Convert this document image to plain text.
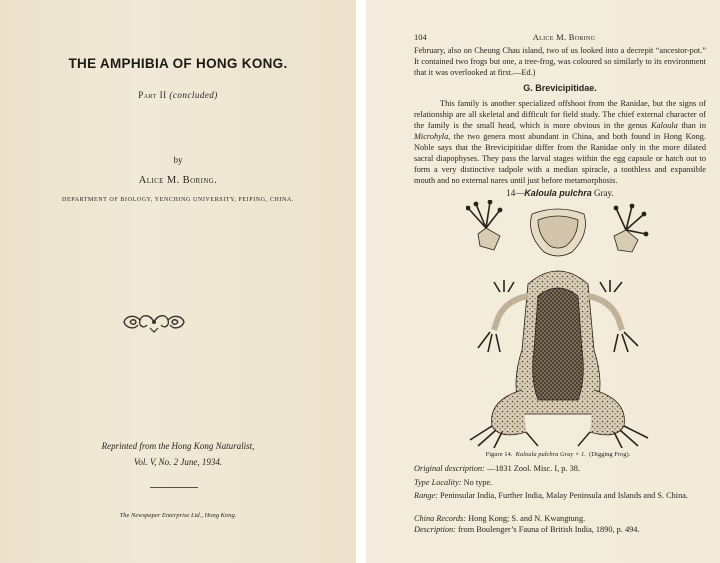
THE AMPHIBIA OF HONG KONG.
Part II (concluded)
by
Alice M. Boring.
DEPARTMENT OF BIOLOGY, YENCHING UNIVERSITY, PEIPING, CHINA.
Reprinted from the Hong Kong Naturalist,
Vol. V, No. 2 June, 1934.
The Newspaper Enterprise Ltd., Hong Kong.
104	Alice M. Boring
February, also on Cheung Chau island, two of us looked into a decrepit “ancestor-pot.” It contained two frogs but one, a tree-frog, was coloured so similarly to its environment that it was overlooked at first.—Ed.)
G. Brevicipitidae.
This family is another specialized offshoot from the Ranidae, but the signs of relationship are all skeletal and difficult for field study. The chief external character of the family is the small head, which is more obvious in the genus Kaloula than in Microhyla, the two genera most abundant in China, and both found in Hong Kong. Noble says that the Brevicipitidae differ from the Ranidae only in the more dilated sacral diapophyses. They pass the larval stages within the egg capsule or hatch out to form a very distinctive tadpole with a median spiracle, a toothless and expansible mouth and no external nares until just before metamorphosis.
14—Kaloula pulchra Gray.
Original description: —1831 Zool. Misc. I, p. 38.
Type Locality: No type.
Range: Peninsular India, Further India, Malay Peninsula and Islands and S. China.
China Records: Hong Kong; S. and N. Kwangtung.
Description: from Boulenger’s Fauna of British India, 1890, p. 494.
Figure 14. Kaloula pulchra Gray × 1. (Digging Frog).
